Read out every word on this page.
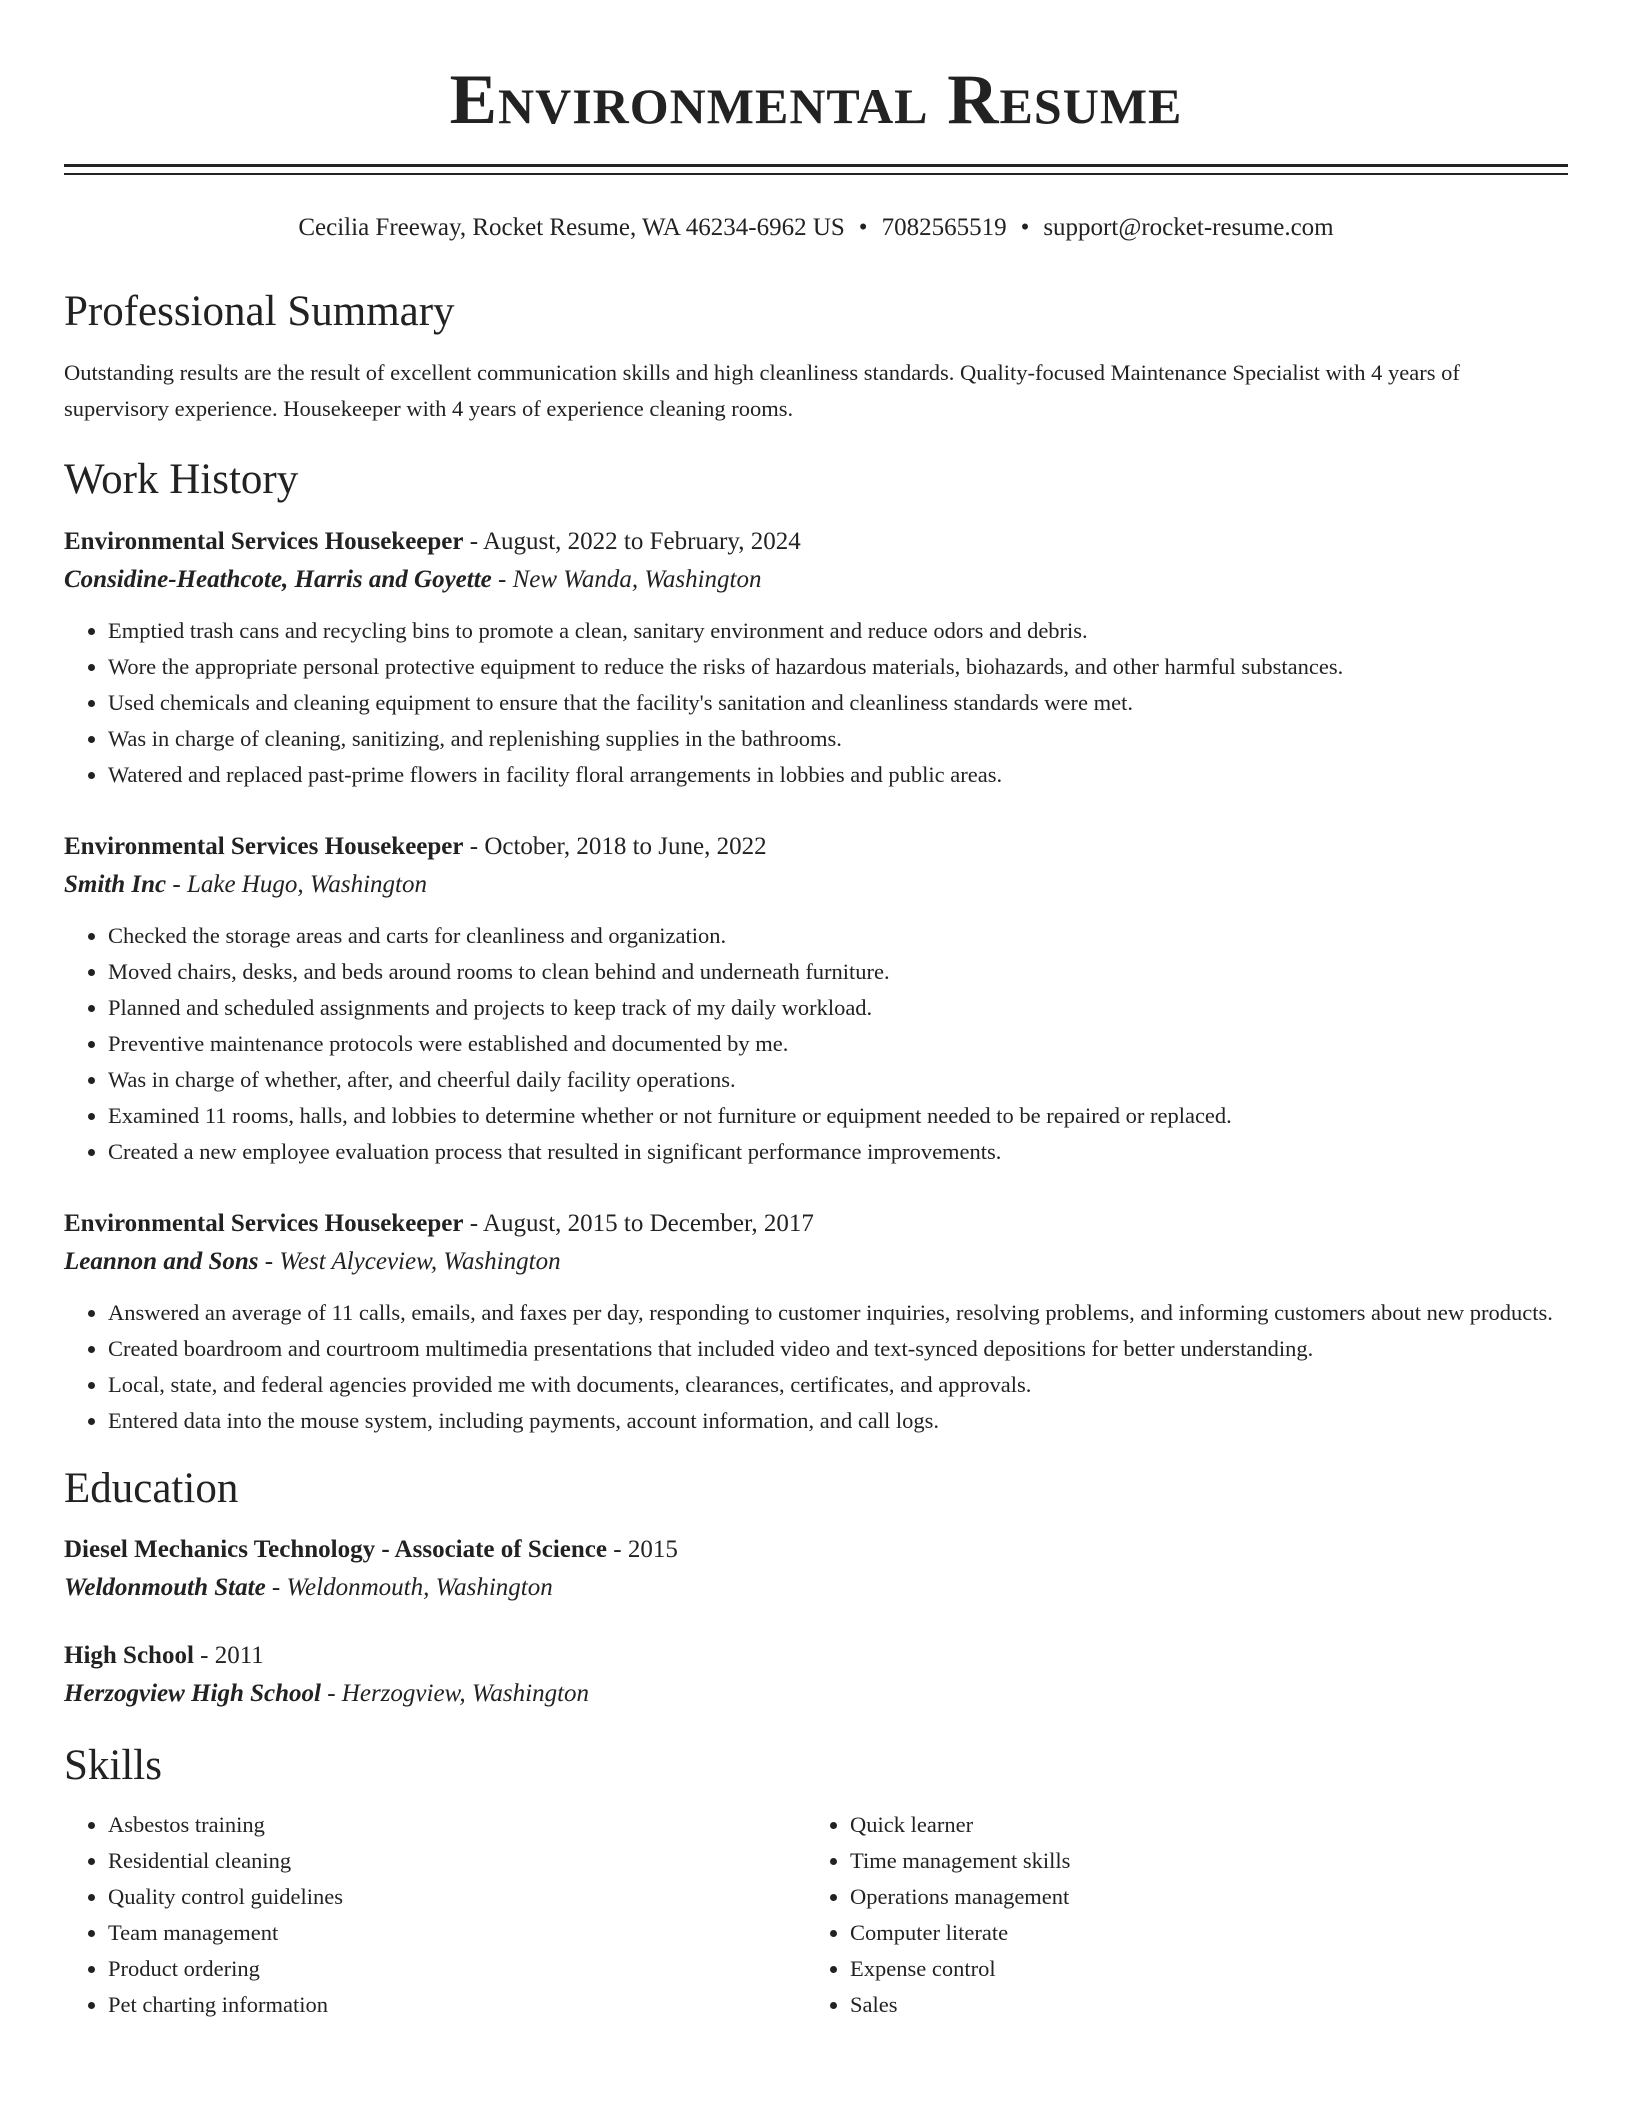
Environmental Resume
Cecilia Freeway, Rocket Resume, WA 46234-6962 US • 7082565519 • support@rocket-resume.com
Professional Summary

Outstanding results are the result of excellent communication skills and high cleanliness standards. Quality-focused Maintenance Specialist with 4 years of supervisory experience. Housekeeper with 4 years of experience cleaning rooms.

Work History
Environmental Services Housekeeper - August, 2022 to February, 2024
Considine-Heathcote, Harris and Goyette - New Wanda, Washington
• Emptied trash cans and recycling bins to promote a clean, sanitary environment and reduce odors and debris.
• Wore the appropriate personal protective equipment to reduce the risks of hazardous materials, biohazards, and other harmful substances.
• Used chemicals and cleaning equipment to ensure that the facility's sanitation and cleanliness standards were met.
• Was in charge of cleaning, sanitizing, and replenishing supplies in the bathrooms.
• Watered and replaced past-prime flowers in facility floral arrangements in lobbies and public areas.
Environmental Services Housekeeper - October, 2018 to June, 2022
Smith Inc - Lake Hugo, Washington
• Checked the storage areas and carts for cleanliness and organization.
• Moved chairs, desks, and beds around rooms to clean behind and underneath furniture.
• Planned and scheduled assignments and projects to keep track of my daily workload.
• Preventive maintenance protocols were established and documented by me.
• Was in charge of whether, after, and cheerful daily facility operations.
• Examined 11 rooms, halls, and lobbies to determine whether or not furniture or equipment needed to be repaired or replaced.
• Created a new employee evaluation process that resulted in significant performance improvements.
Environmental Services Housekeeper - August, 2015 to December, 2017
Leannon and Sons - West Alyceview, Washington
• Answered an average of 11 calls, emails, and faxes per day, responding to customer inquiries, resolving problems, and informing customers about new products.
• Created boardroom and courtroom multimedia presentations that included video and text-synced depositions for better understanding.
• Local, state, and federal agencies provided me with documents, clearances, certificates, and approvals.
• Entered data into the mouse system, including payments, account information, and call logs.
Education
Diesel Mechanics Technology - Associate of Science - 2015
Weldonmouth State - Weldonmouth, Washington
High School - 2011
Herzogview High School - Herzogview, Washington
Skills
• Asbestos training
• Residential cleaning
• Quality control guidelines
• Team management
• Product ordering
• Pet charting information
• Quick learner
• Time management skills
• Operations management
• Computer literate
• Expense control
• Sales
